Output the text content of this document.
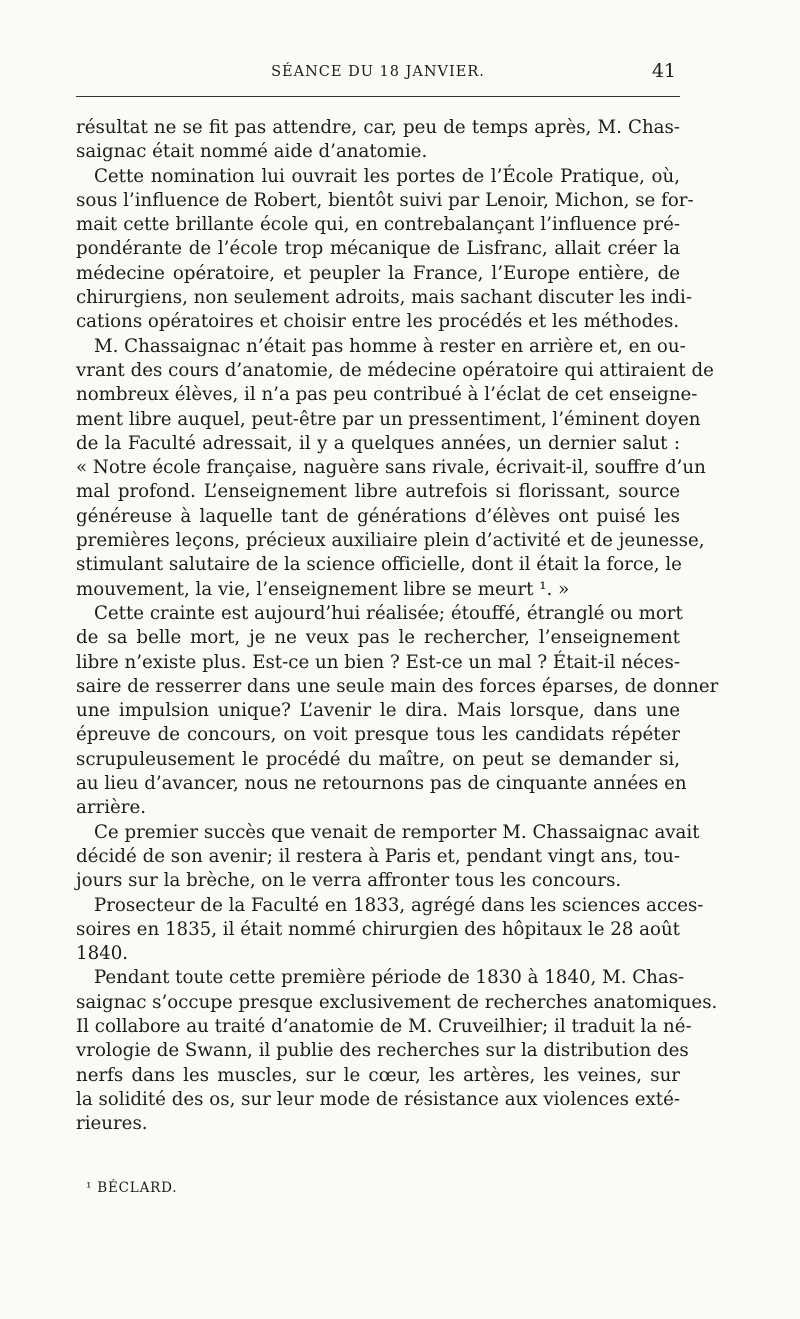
SÉANCE DU 18 JANVIER.	41
résultat ne se fit pas attendre, car, peu de temps après, M. Chas-
saignac était nommé aide d’anatomie.
Cette nomination lui ouvrait les portes de l’École Pratique, où,
sous l’influence de Robert, bientôt suivi par Lenoir, Michon, se for-
mait cette brillante école qui, en contrebalançant l’influence pré-
pondérante de l’école trop mécanique de Lisfranc, allait créer la
médecine opératoire, et peupler la France, l’Europe entière, de
chirurgiens, non seulement adroits, mais sachant discuter les indi-
cations opératoires et choisir entre les procédés et les méthodes.
M. Chassaignac n’était pas homme à rester en arrière et, en ou-
vrant des cours d’anatomie, de médecine opératoire qui attiraient de
nombreux élèves, il n’a pas peu contribué à l’éclat de cet enseigne-
ment libre auquel, peut-être par un pressentiment, l’éminent doyen
de la Faculté adressait, il y a quelques années, un dernier salut :
« Notre école française, naguère sans rivale, écrivait-il, souffre d’un
mal profond. L’enseignement libre autrefois si florissant, source
généreuse à laquelle tant de générations d’élèves ont puisé les
premières leçons, précieux auxiliaire plein d’activité et de jeunesse,
stimulant salutaire de la science officielle, dont il était la force, le
mouvement, la vie, l’enseignement libre se meurt ¹. »
Cette crainte est aujourd’hui réalisée; étouffé, étranglé ou mort
de sa belle mort, je ne veux pas le rechercher, l’enseignement
libre n’existe plus. Est-ce un bien ? Est-ce un mal ? Était-il néces-
saire de resserrer dans une seule main des forces éparses, de donner
une impulsion unique? L’avenir le dira. Mais lorsque, dans une
épreuve de concours, on voit presque tous les candidats répéter
scrupuleusement le procédé du maître, on peut se demander si,
au lieu d’avancer, nous ne retournons pas de cinquante années en
arrière.
Ce premier succès que venait de remporter M. Chassaignac avait
décidé de son avenir; il restera à Paris et, pendant vingt ans, tou-
jours sur la brèche, on le verra affronter tous les concours.
Prosecteur de la Faculté en 1833, agrégé dans les sciences acces-
soires en 1835, il était nommé chirurgien des hôpitaux le 28 août
1840.
Pendant toute cette première période de 1830 à 1840, M. Chas-
saignac s’occupe presque exclusivement de recherches anatomiques.
Il collabore au traité d’anatomie de M. Cruveilhier; il traduit la né-
vrologie de Swann, il publie des recherches sur la distribution des
nerfs dans les muscles, sur le cœur, les artères, les veines, sur
la solidité des os, sur leur mode de résistance aux violences exté-
rieures.
¹ BÉCLARD.
